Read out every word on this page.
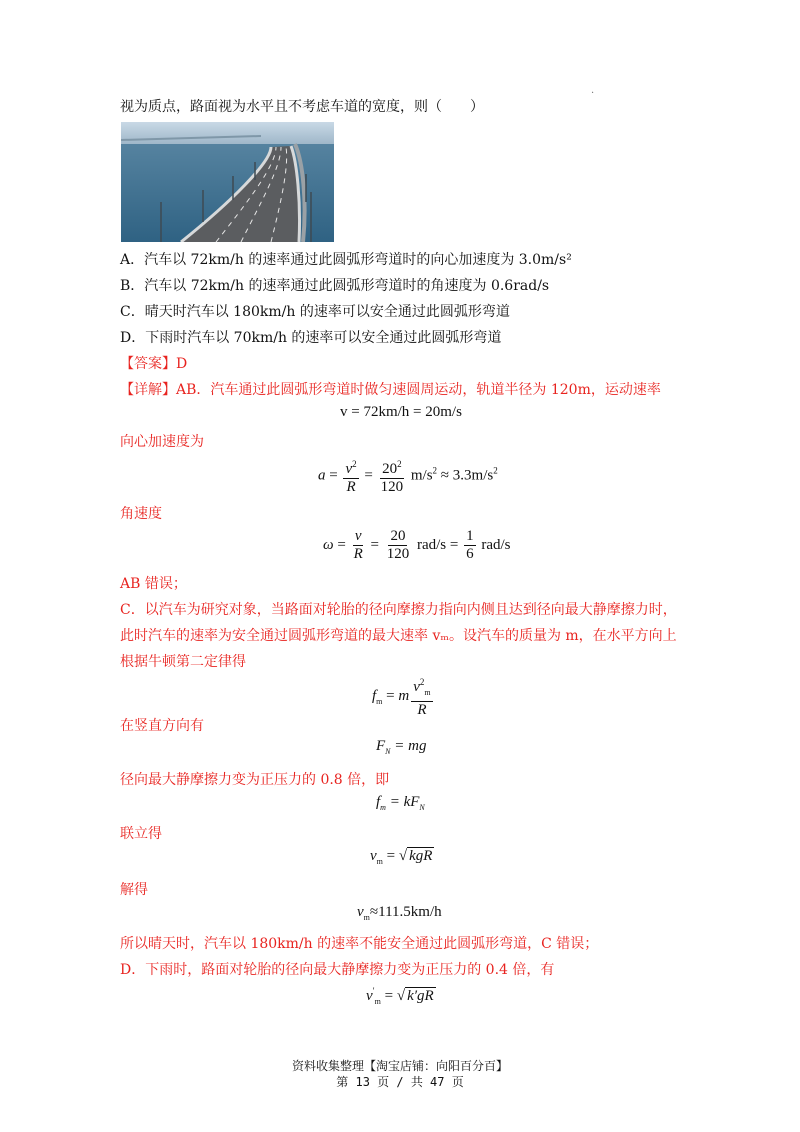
·
视为质点，路面视为水平且不考虑车道的宽度，则（　　）
A．汽车以 72km/h 的速率通过此圆弧形弯道时的向心加速度为 3.0m/s²
B．汽车以 72km/h 的速率通过此圆弧形弯道时的角速度为 0.6rad/s
C．晴天时汽车以 180km/h 的速率可以安全通过此圆弧形弯道
D．下雨时汽车以 70km/h 的速率可以安全通过此圆弧形弯道
【答案】D
【详解】AB．汽车通过此圆弧形弯道时做匀速圆周运动，轨道半径为 120m，运动速率
v = 72km/h = 20m/s
向心加速度为
$a = \frac{v^2}{R} = \frac{20^2}{120} m/s^2 \approx 3.3m/s^2$
角速度
$\omega = \frac{v}{R} = \frac{20}{120} rad/s = \frac{1}{6} rad/s$
AB 错误；
C．以汽车为研究对象，当路面对轮胎的径向摩擦力指向内侧且达到径向最大静摩擦力时，
此时汽车的速率为安全通过圆弧形弯道的最大速率 vₘ。设汽车的质量为 m，在水平方向上
根据牛顿第二定律得
$f_m = m \frac{v^2_m}{R}$
在竖直方向有
$F_N$ = mg
径向最大静摩擦力变为正压力的 0.8 倍，即
$f_m = kF_N$
联立得
$v_m$ = √ kgR
解得
$v_m\approx 111.5km/h$
所以晴天时，汽车以 180km/h 的速率不能安全通过此圆弧形弯道，C 错误；
D．下雨时，路面对轮胎的径向最大静摩擦力变为正压力的 0.4 倍，有
$v'_m$ = √ k′gR
资料收集整理【淘宝店铺：向阳百分百】
第 13 页 / 共 47 页
